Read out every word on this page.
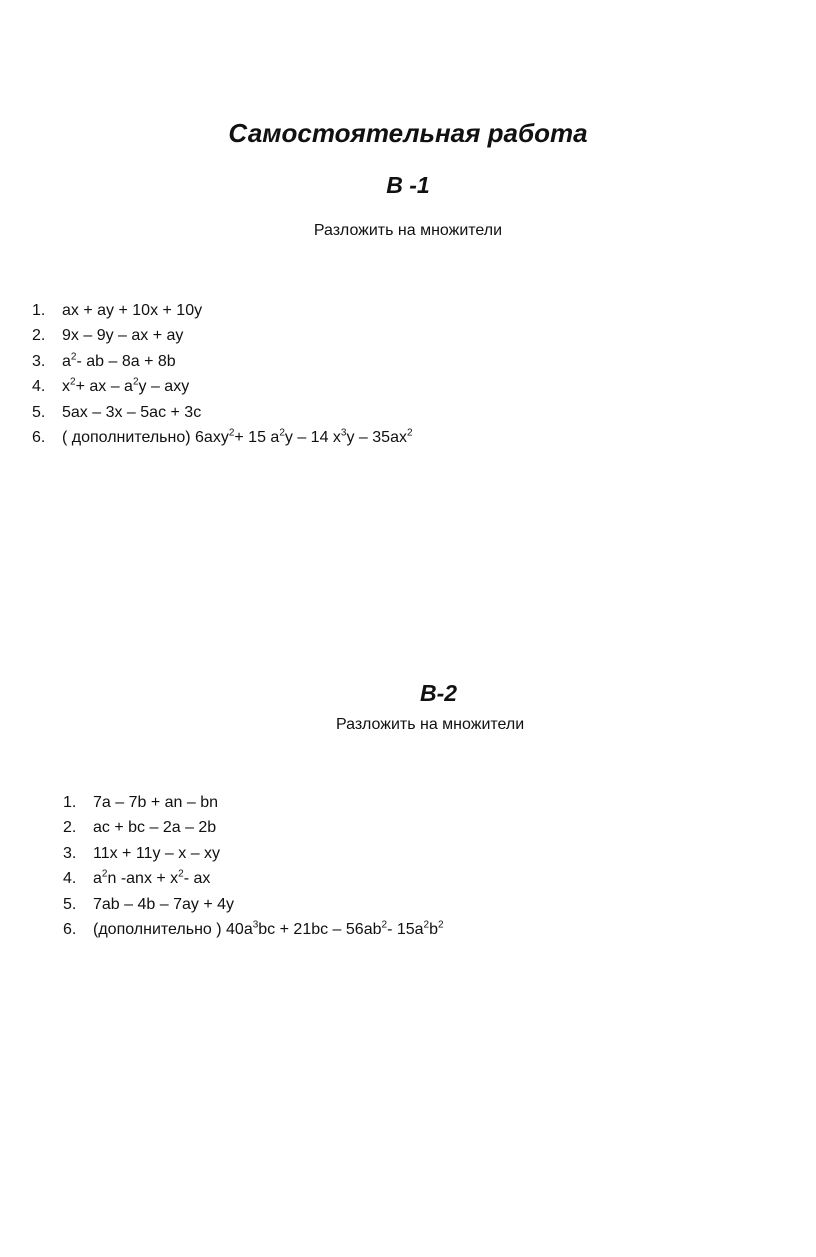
Самостоятельная работа
В -1

Разложить на множители

1. ax + ay + 10x + 10y
2. 9x – 9y – ax + ay
3. $a^2-$ ab – 8a + 8b
4. $x^2+$ ax – $a^2y$ – axy
5. 5ax – 3x – 5ac + 3c
6. ( дополнительно) 6axy$^2$+ 15 $a^2y - 14$ $x^3y - 35ax^2$
В-2

Разложить на множители

1. 7a – 7b + an – bn
2. ac + bc – 2a – 2b
3. 11x + 11y – x – xy
4. $a^2n$ $-anx + x^2-$ ax
5. 7ab – 4b – 7ay + 4y
6. (дополнительно ) $40a^3bc + 21bc - 56ab^2-$ $15a^2b^2$
